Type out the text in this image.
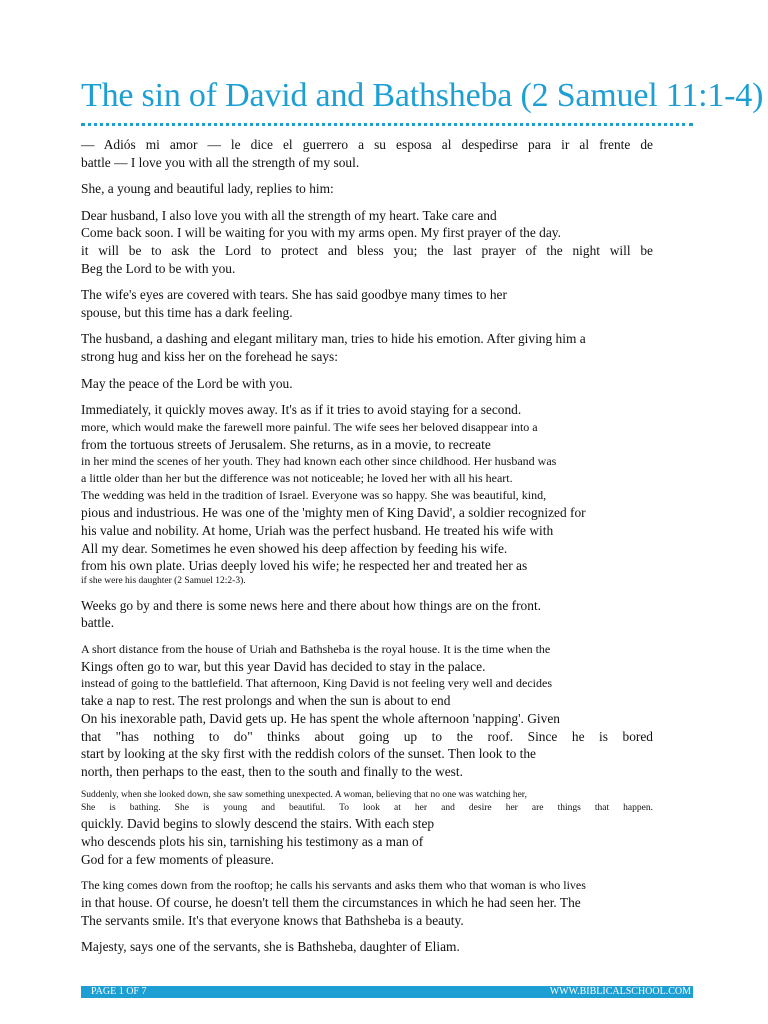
The sin of David and Bathsheba (2 Samuel 11:1-4)
— Adiós mi amor — le dice el guerrero a su esposa al despedirse para ir al frente de
battle — I love you with all the strength of my soul.
She, a young and beautiful lady, replies to him:
Dear husband, I also love you with all the strength of my heart. Take care and
Come back soon. I will be waiting for you with my arms open. My first prayer of the day.
it will be to ask the Lord to protect and bless you; the last prayer of the night will be
Beg the Lord to be with you.
The wife's eyes are covered with tears. She has said goodbye many times to her
spouse, but this time has a dark feeling.
The husband, a dashing and elegant military man, tries to hide his emotion. After giving him a
strong hug and kiss her on the forehead he says:
May the peace of the Lord be with you.
Immediately, it quickly moves away. It's as if it tries to avoid staying for a second.
more, which would make the farewell more painful. The wife sees her beloved disappear into a
from the tortuous streets of Jerusalem. She returns, as in a movie, to recreate
in her mind the scenes of her youth. They had known each other since childhood. Her husband was
a little older than her but the difference was not noticeable; he loved her with all his heart.
The wedding was held in the tradition of Israel. Everyone was so happy. She was beautiful, kind,
pious and industrious. He was one of the 'mighty men of King David', a soldier recognized for
his value and nobility. At home, Uriah was the perfect husband. He treated his wife with
All my dear. Sometimes he even showed his deep affection by feeding his wife.
from his own plate. Urias deeply loved his wife; he respected her and treated her as
if she were his daughter (2 Samuel 12:2-3).
Weeks go by and there is some news here and there about how things are on the front.
battle.
A short distance from the house of Uriah and Bathsheba is the royal house. It is the time when the
Kings often go to war, but this year David has decided to stay in the palace.
instead of going to the battlefield. That afternoon, King David is not feeling very well and decides
take a nap to rest. The rest prolongs and when the sun is about to end
On his inexorable path, David gets up. He has spent the whole afternoon 'napping'. Given
that "has nothing to do" thinks about going up to the roof. Since he is bored
start by looking at the sky first with the reddish colors of the sunset. Then look to the
north, then perhaps to the east, then to the south and finally to the west.
Suddenly, when she looked down, she saw something unexpected. A woman, believing that no one was watching her,
She is bathing. She is young and beautiful. To look at her and desire her are things that happen.
quickly. David begins to slowly descend the stairs. With each step
who descends plots his sin, tarnishing his testimony as a man of
God for a few moments of pleasure.
The king comes down from the rooftop; he calls his servants and asks them who that woman is who lives
in that house. Of course, he doesn't tell them the circumstances in which he had seen her. The
The servants smile. It's that everyone knows that Bathsheba is a beauty.
Majesty, says one of the servants, she is Bathsheba, daughter of Eliam.
PAGE 1 OF 7	WWW.BIBLICALSCHOOL.COM
